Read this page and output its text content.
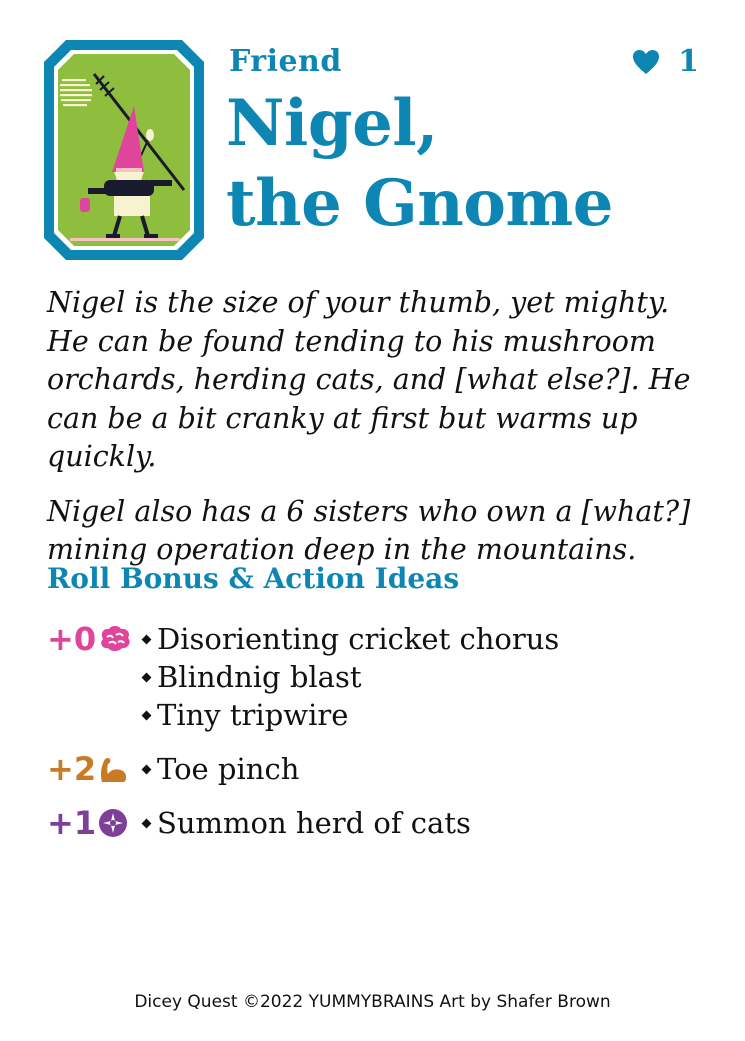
Friend	1
Nigel,
the Gnome

Nigel is the size of your thumb, yet mighty. He can be found tending to his mushroom orchards, herding cats, and [what else?]. He can be a bit cranky at first but warms up quickly.

Nigel also has a 6 sisters who own a [what?] mining operation deep in the mountains.

Roll Bonus & Action Ideas
+0 Disorienting cricket chorus
Blindnig blast
Tiny tripwire
+2 Toe pinch
+1 Summon herd of cats
Dicey Quest ©2022 YUMMYBRAINS Art by Shafer Brown
